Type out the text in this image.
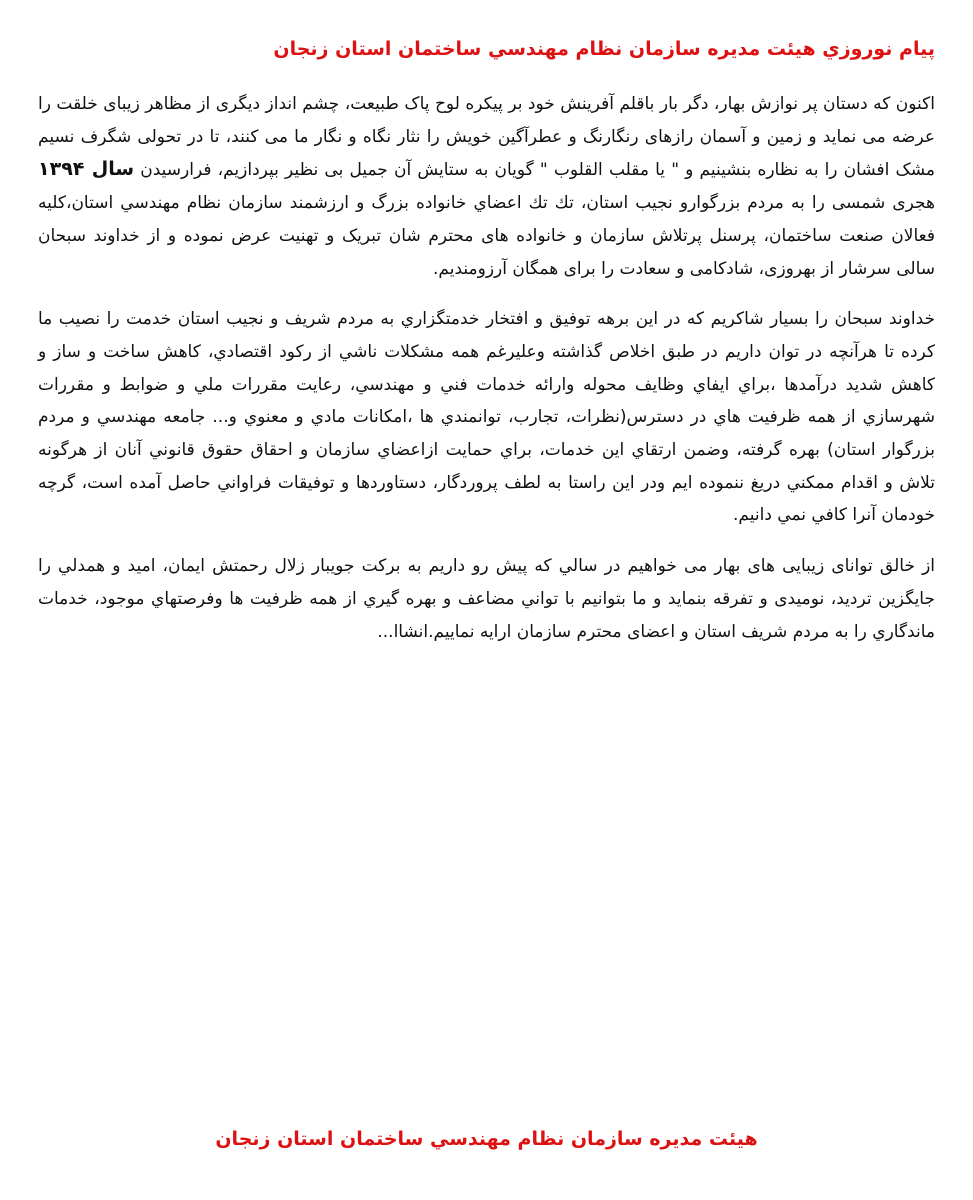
پیام نوروزي هیئت مدیره سازمان نظام مهندسي ساختمان استان زنجان

اکنون که دستان پر نوازش بهار، دگر بار باقلم آفرینش خود بر پیکره لوح پاک طبیعت، چشم انداز دیگری از مظاهر زیبای خلقت را عرضه می نماید و زمین و آسمان رازهای رنگارنگ و عطرآگین خویش را نثار نگاه و نگار ما می کنند، تا در تحولی شگرف نسیم مشک افشان را به نظاره بنشینیم و " یا مقلب القلوب " گویان به ستایش آن جمیل بی نظیر بپردازیم، فرارسیدن سال ۱۳۹۴ هجری شمسی را به مردم بزرگوارو نجیب استان، تك تك اعضاي خانواده بزرگ و ارزشمند سازمان نظام مهندسي استان،کلیه فعالان صنعت ساختمان، پرسنل پرتلاش سازمان و خانواده های محترم شان تبریک و تهنیت عرض نموده و از خداوند سبحان سالی سرشار از بهروزی، شادکامی و سعادت را برای همگان آرزومندیم.

خداوند سبحان را بسیار شاکریم که در این برهه توفیق و افتخار خدمتگزاري به مردم شریف و نجیب استان خدمت را نصیب ما کرده تا هرآنچه در توان داریم در طبق اخلاص گذاشته وعلیرغم همه مشکلات ناشي از رکود اقتصادي، کاهش ساخت و ساز و کاهش شدید درآمدها ،براي ایفاي وظایف محوله وارائه خدمات فني و مهندسي، رعایت مقررات ملي و ضوابط و مقررات شهرسازي از همه ظرفیت هاي در دسترس(نظرات، تجارب، توانمندي ها ،امکانات مادي و معنوي و... جامعه مهندسي و مردم بزرگوار استان) بهره گرفته، وضمن ارتقاي این خدمات، براي حمایت ازاعضاي سازمان و احقاق حقوق قانوني آنان از هرگونه تلاش و اقدام ممکني دریغ ننموده ایم ودر این راستا به لطف پروردگار، دستاوردها و توفیقات فراواني حاصل آمده است، گرچه خودمان آنرا کافي نمي دانیم.

از خالق توانای زیبایی های بهار می خواهیم در سالي که پیش رو داریم به برکت جویبار زلال رحمتش ایمان، امید و همدلي را جایگزین تردید، نومیدی و تفرقه بنماید و ما بتوانیم با تواني مضاعف و بهره گیري از همه ظرفیت ها وفرصتهاي موجود، خدمات ماندگاري را به مردم شریف استان و اعضای محترم سازمان ارایه نماییم.انشاا...

هیئت مدیره سازمان نظام مهندسي ساختمان استان زنجان
